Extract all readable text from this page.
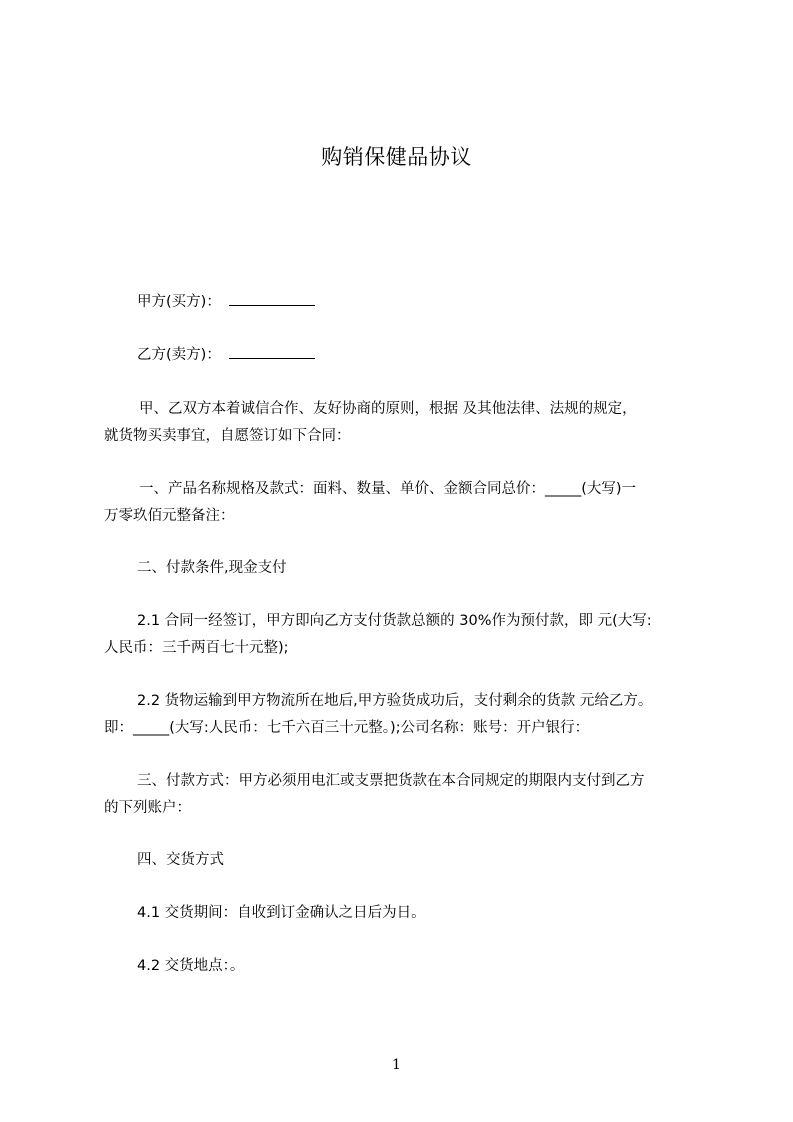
购销保健品协议
甲方(买方)：
乙方(卖方)：
甲、乙双方本着诚信合作、友好协商的原则，根据 及其他法律、法规的规定，
就货物买卖事宜，自愿签订如下合同：
一、产品名称规格及款式：面料、数量、单价、金额合同总价：_____(大写)一
万零玖佰元整备注：
二、付款条件,现金支付
2.1 合同一经签订，甲方即向乙方支付货款总额的 30%作为预付款，即 元(大写:
人民币：三千两百七十元整);
2.2 货物运输到甲方物流所在地后,甲方验货成功后，支付剩余的货款 元给乙方。
即：_____(大写:人民币：七千六百三十元整。);公司名称：账号：开户银行：
三、付款方式：甲方必须用电汇或支票把货款在本合同规定的期限内支付到乙方
的下列账户：
四、交货方式
4.1 交货期间：自收到订金确认之日后为日。
4.2 交货地点：。
1
